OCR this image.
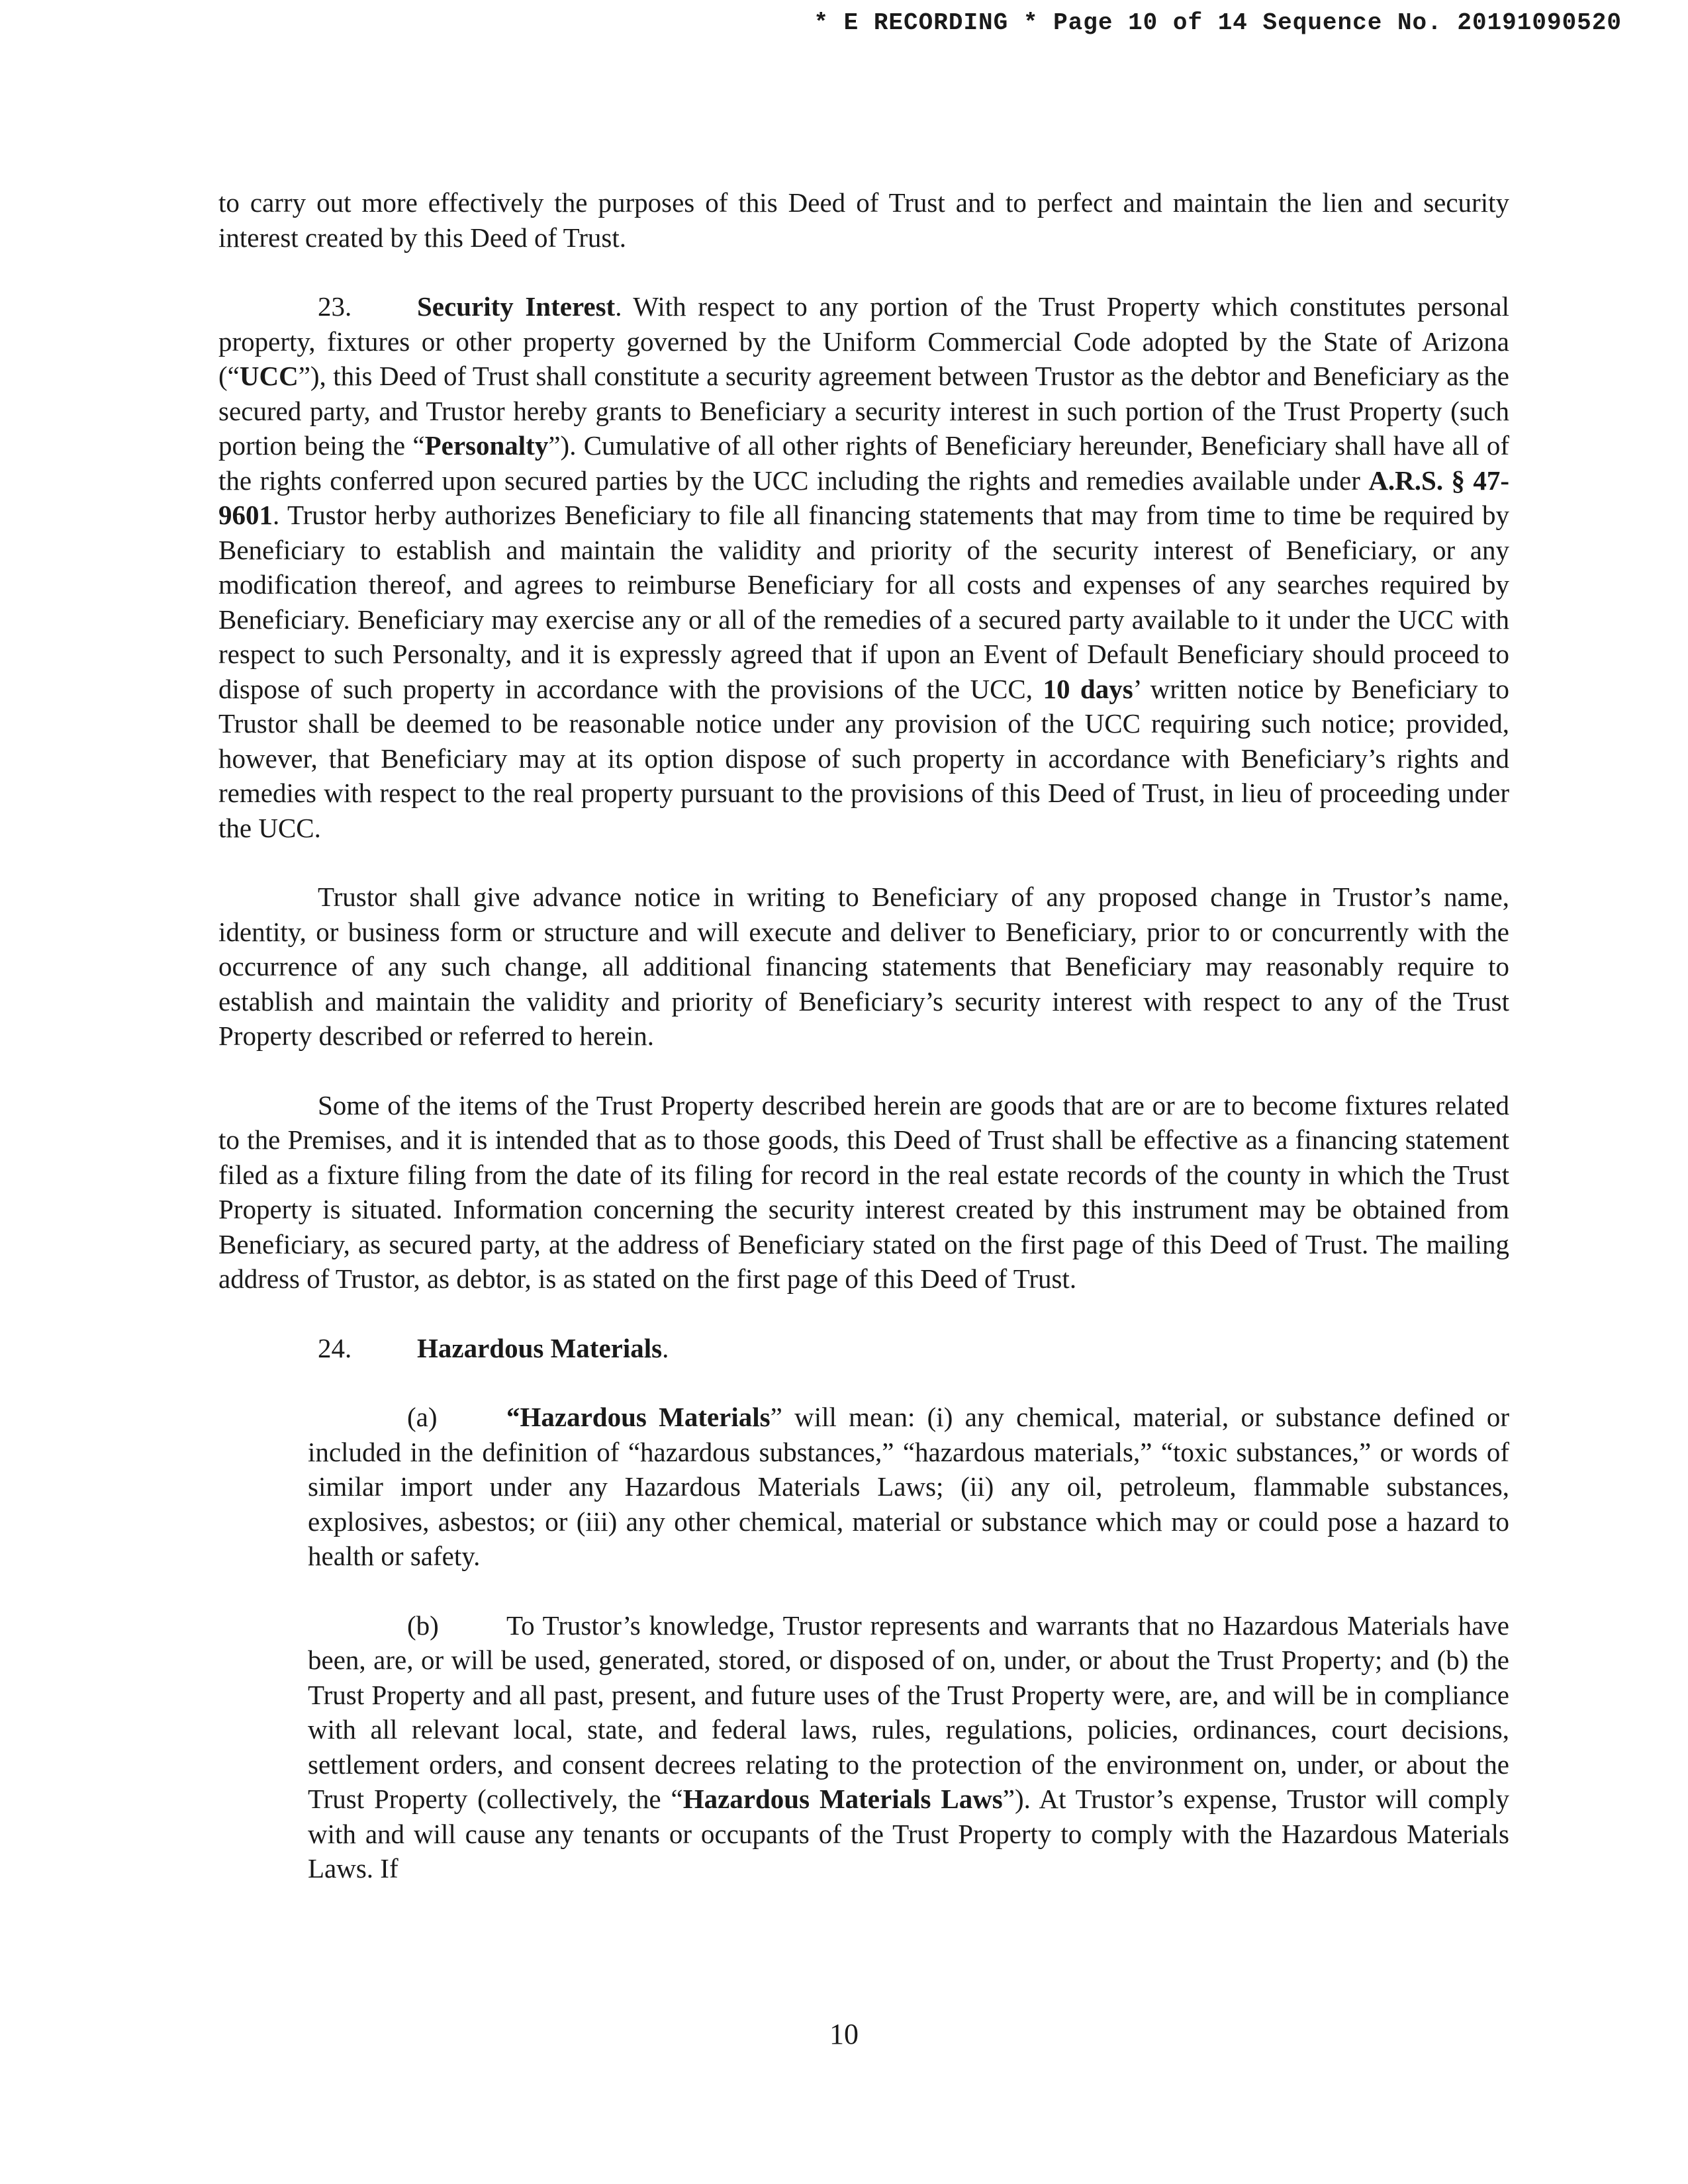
* E RECORDING * Page 10 of 14 Sequence No. 20191090520

to carry out more effectively the purposes of this Deed of Trust and to perfect and maintain the lien and security interest created by this Deed of Trust.

23. Security Interest. With respect to any portion of the Trust Property which constitutes personal property, fixtures or other property governed by the Uniform Commercial Code adopted by the State of Arizona (“UCC”), this Deed of Trust shall constitute a security agreement between Trustor as the debtor and Beneficiary as the secured party, and Trustor hereby grants to Beneficiary a security interest in such portion of the Trust Property (such portion being the “Personalty”). Cumulative of all other rights of Beneficiary hereunder, Beneficiary shall have all of the rights conferred upon secured parties by the UCC including the rights and remedies available under A.R.S. § 47-9601. Trustor herby authorizes Beneficiary to file all financing statements that may from time to time be required by Beneficiary to establish and maintain the validity and priority of the security interest of Beneficiary, or any modification thereof, and agrees to reimburse Beneficiary for all costs and expenses of any searches required by Beneficiary. Beneficiary may exercise any or all of the remedies of a secured party available to it under the UCC with respect to such Personalty, and it is expressly agreed that if upon an Event of Default Beneficiary should proceed to dispose of such property in accordance with the provisions of the UCC, 10 days’ written notice by Beneficiary to Trustor shall be deemed to be reasonable notice under any provision of the UCC requiring such notice; provided, however, that Beneficiary may at its option dispose of such property in accordance with Beneficiary’s rights and remedies with respect to the real property pursuant to the provisions of this Deed of Trust, in lieu of proceeding under the UCC.

Trustor shall give advance notice in writing to Beneficiary of any proposed change in Trustor’s name, identity, or business form or structure and will execute and deliver to Beneficiary, prior to or concurrently with the occurrence of any such change, all additional financing statements that Beneficiary may reasonably require to establish and maintain the validity and priority of Beneficiary’s security interest with respect to any of the Trust Property described or referred to herein.

Some of the items of the Trust Property described herein are goods that are or are to become fixtures related to the Premises, and it is intended that as to those goods, this Deed of Trust shall be effective as a financing statement filed as a fixture filing from the date of its filing for record in the real estate records of the county in which the Trust Property is situated. Information concerning the security interest created by this instrument may be obtained from Beneficiary, as secured party, at the address of Beneficiary stated on the first page of this Deed of Trust. The mailing address of Trustor, as debtor, is as stated on the first page of this Deed of Trust.

24. Hazardous Materials.

(a)	“Hazardous Materials” will mean: (i) any chemical, material, or substance defined or included in the definition of “hazardous substances,” “hazardous materials,” “toxic substances,” or words of similar import under any Hazardous Materials Laws; (ii) any oil, petroleum, flammable substances, explosives, asbestos; or (iii) any other chemical, material or substance which may or could pose a hazard to health or safety.

(b) To Trustor’s knowledge, Trustor represents and warrants that no Hazardous Materials have been, are, or will be used, generated, stored, or disposed of on, under, or about the Trust Property; and (b) the Trust Property and all past, present, and future uses of the Trust Property were, are, and will be in compliance with all relevant local, state, and federal laws, rules, regulations, policies, ordinances, court decisions, settlement orders, and consent decrees relating to the protection of the environment on, under, or about the Trust Property (collectively, the “Hazardous Materials Laws”). At Trustor’s expense, Trustor will comply with and will cause any tenants or occupants of the Trust Property to comply with the Hazardous Materials Laws. If

10
